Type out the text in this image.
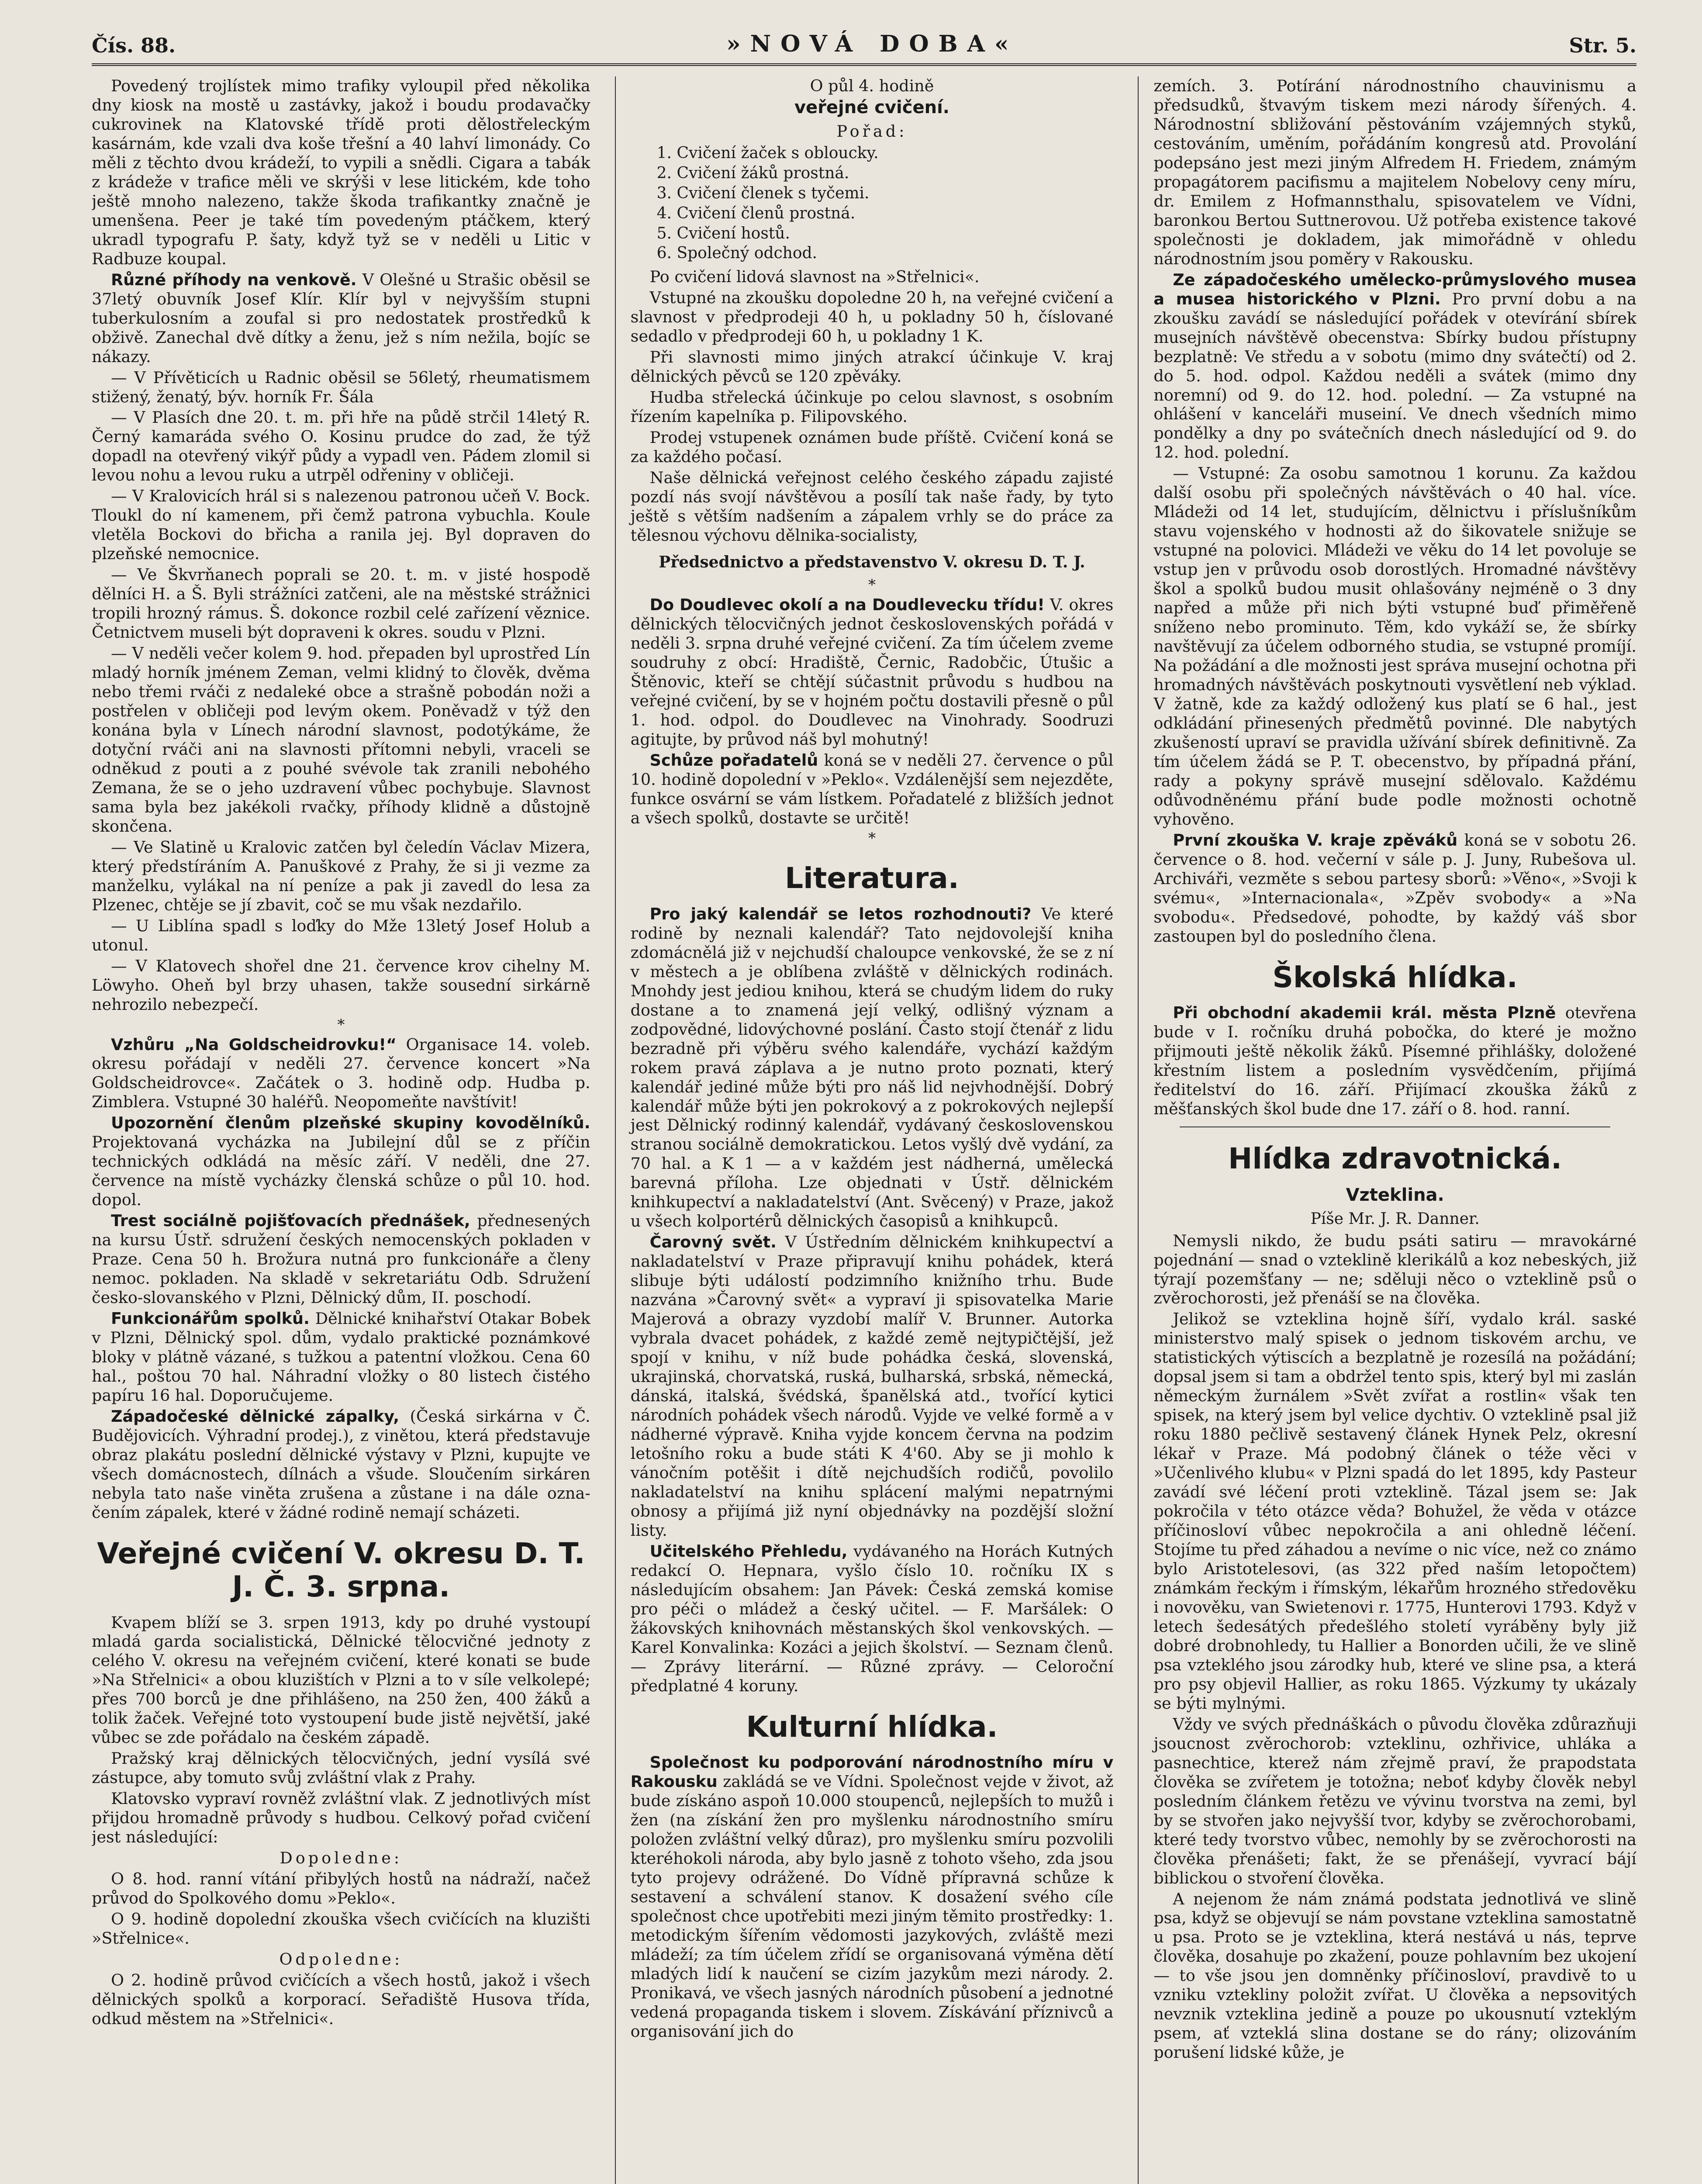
Čís. 88.	»NOVÁ DOBA«	Str. 5.

Povedený trojlístek mimo trafiky vyloupil před několika dny kiosk na mostě u zastávky, jakož i boudu prodavačky cukrovinek na Klatovské třídě proti dělostřeleckým kasárnám, kde vzali dva koše třešní a 40 lahví limonády. Co měli z těchto dvou krádeží, to vypili a snědli. Cigara a tabák z krádeže v trafice měli ve skrýši v lese litickém, kde toho ještě mnoho nalezeno, takže škoda trafikantky značně je umenšena. Peer je také tím povedeným ptáčkem, který ukradl typografu P. šaty, když tyž se v neděli u Litic v Radbuze koupal.

Různé příhody na venkově. V Olešné u Strašic oběsil se 37letý obuvník Josef Klír. Klír byl v nejvyšším stupni tuberkulosním a zoufal si pro nedostatek prostředků k obživě. Zanechal dvě dítky a ženu, jež s ním nežila, bojíc se nákazy.

— V Přívěticích u Radnic oběsil se 56letý, rheumatismem stižený, ženatý, býv. horník Fr. Šála

— V Plasích dne 20. t. m. při hře na půdě strčil 14letý R. Černý kamaráda svého O. Kosinu prudce do zad, že týž dopadl na otevřený vikýř půdy a vypadl ven. Pádem zlomil si levou nohu a levou ruku a utrpěl odřeniny v obličeji.

— V Kralovicích hrál si s nalezenou patronou učeň V. Bock. Tloukl do ní kamenem, při čemž patrona vybuchla. Koule vletěla Bockovi do břicha a ranila jej. Byl dopraven do plzeňské nemocnice.

— Ve Škvrňanech poprali se 20. t. m. v jisté hospodě dělníci H. a Š. Byli strážníci zatčeni, ale na městské strážnici tropili hrozný rámus. Š. dokonce rozbil celé zařízení věznice. Četnictvem museli být dopraveni k okres. soudu v Plzni.

— V neděli večer kolem 9. hod. přepaden byl uprostřed Lín mladý horník jménem Zeman, velmi klidný to člověk, dvěma nebo třemi rváči z nedaleké obce a strašně pobodán noži a postřelen v obličeji pod levým okem. Poněvadž v týž den konána byla v Línech národní slavnost, podotýkáme, že dotyční rváči ani na slavnosti přítomni nebyli, vraceli se odněkud z pouti a z pouhé svévole tak zranili nebohého Zemana, že se o jeho uzdravení vůbec pochybuje. Slavnost sama byla bez jakékoli rvačky, příhody klidně a důstojně skončena.

— Ve Slatině u Kralovic zatčen byl čeledín Václav Mizera, který předstíráním A. Panuškové z Prahy, že si ji vezme za manželku, vylákal na ní peníze a pak ji zavedl do lesa za Plzenec, chtěje se jí zbavit, coč se mu však nezdařilo.

— U Liblína spadl s loďky do Mže 13letý Josef Holub a utonul.

— V Klatovech shořel dne 21. července krov cihelny M. Löwyho. Oheň byl brzy uhasen, takže sousední sirkárně nehrozilo nebezpečí.

*

Vzhůru „Na Goldscheidrovku!“ Organisace 14. voleb. okresu pořádají v neděli 27. července koncert »Na Goldscheidrovce«. Začátek o 3. hodině odp. Hudba p. Zimblera. Vstupné 30 haléřů. Neopomeňte navštívit!

Upozornění členům plzeňské skupiny kovodělníků. Projektovaná vycházka na Jubilejní důl se z příčin technických odkládá na měsíc září. V neděli, dne 27. července na místě vycházky členská schůze o půl 10. hod. dopol.

Trest sociálně pojišťovacích přednášek, přednesených na kursu Ústř. sdružení českých nemocenských pokladen v Praze. Cena 50 h. Brožura nutná pro funkcionáře a členy nemoc. pokladen. Na skladě v sekretariátu Odb. Sdružení česko-slovanského v Plzni, Dělnický dům, II. poschodí.

Funkcionářům spolků. Dělnické knihařství Otakar Bobek v Plzni, Dělnický spol. dům, vydalo praktické poznámkové bloky v plátně vázané, s tužkou a patentní vložkou. Cena 60 hal., poštou 70 hal. Náhradní vložky o 80 listech čistého papíru 16 hal. Doporučujeme.

Západočeské dělnické zápalky, (Česká sirkárna v Č. Budějovicích. Výhradní prodej.), z vinětou, která představuje obraz plakátu poslední dělnické výstavy v Plzni, kupujte ve všech domácnostech, dílnách a všude. Sloučením sirkáren nebyla tato naše viněta zrušena a zůstane i na dále ozna- čením zápalek, které v žádné rodině nemají scházeti.

Veřejné cvičení V. okresu D. T. J. Č. 3. srpna.

Kvapem blíží se 3. srpen 1913, kdy po druhé vystoupí mladá garda socialistická, Dělnické tělocvičné jednoty z celého V. okresu na veřejném cvičení, které konati se bude »Na Střelnici« a obou kluzištích v Plzni a to v síle velkolepé; přes 700 borců je dne přihlášeno, na 250 žen, 400 žáků a tolik žaček. Veřejné toto vystoupení bude jistě největší, jaké vůbec se zde pořádalo na českém západě.

Pražský kraj dělnických tělocvičných, jední vysílá své zástupce, aby tomuto svůj zvláštní vlak z Prahy.

Klatovsko vypraví rovněž zvláštní vlak. Z jednotlivých míst přijdou hromadně průvody s hudbou. Celkový pořad cvičení jest následující:

Dopoledne:

O 8. hod. ranní vítání přibylých hostů na nádraží, načež průvod do Spolkového domu »Peklo«.

O 9. hodině dopolední zkouška všech cvičících na kluzišti »Střelnice«.

Odpoledne:

O 2. hodině průvod cvičících a všech hostů, jakož i všech dělnických spolků a korporací. Seřadiště Husova třída, odkud městem na »Střelnici«.

O půl 4. hodině

veřejné cvičení.

Pořad:

1. Cvičení žaček s obloucky.
2. Cvičení žáků prostná.
3. Cvičení členek s tyčemi.
4. Cvičení členů prostná.
5. Cvičení hostů.
6. Společný odchod.

Po cvičení lidová slavnost na »Střelnici«.

Vstupné na zkoušku dopoledne 20 h, na veřejné cvičení a slavnost v předprodeji 40 h, u pokladny 50 h, číslované sedadlo v předprodeji 60 h, u pokladny 1 K.

Při slavnosti mimo jiných atrakcí účinkuje V. kraj dělnických pěvců se 120 zpěváky.

Hudba střelecká účinkuje po celou slavnost, s osobním řízením kapelníka p. Filipovského.

Prodej vstupenek oznámen bude příště. Cvičení koná se za každého počasí.

Naše dělnická veřejnost celého českého západu zajisté pozdí nás svojí návštěvou a posílí tak naše řady, by tyto ještě s větším nadšením a zápalem vrhly se do práce za tělesnou výchovu dělnika-socialisty,

Předsednictvo a představenstvo V. okresu D. T. J.

*

Do Doudlevec okolí a na Doudlevecku třídu! V. okres dělnických tělocvičných jednot československých pořádá v neděli 3. srpna druhé veřejné cvičení. Za tím účelem zveme soudruhy z obcí: Hradiště, Černic, Radobčic, Útušic a Štěnovic, kteří se chtějí súčastnit průvodu s hudbou na veřejné cvičení, by se v hojném počtu dostavili přesně o půl 1. hod. odpol. do Doudlevec na Vinohrady. Soodruzi agitujte, by průvod náš byl mohutný!

Schůze pořadatelů koná se v neděli 27. července o půl 10. hodině dopolední v »Peklo«. Vzdálenější sem nejezděte, funkce osvární se vám lístkem. Pořadatelé z bližších jednot a všech spolků, dostavte se určitě!

*
Literatura.

Pro jaký kalendář se letos rozhodnouti? Ve které rodině by neznali kalendář? Tato nejdovolejší kniha zdomácnělá již v nejchudší chaloupce venkovské, že se z ní v městech a je oblíbena zvláště v dělnických rodinách. Mnohdy jest jediou knihou, která se chudým lidem do ruky dostane a to znamená její velký, odlišný význam a zodpovědné, lidovýchovné poslání. Často stojí čtenář z lidu bezradně při výběru svého kalendáře, vychází každým rokem pravá záplava a je nutno proto poznati, který kalendář jediné může býti pro náš lid nejvhodnější. Dobrý kalendář může býti jen pokrokový a z pokrokových nejlepší jest Dělnický rodinný kalendář, vydávaný československou stranou sociálně demokratickou. Letos vyšlý dvě vydání, za 70 hal. a K 1 — a v každém jest nádherná, umělecká barevná příloha. Lze objednati v Ústř. dělnickém knihkupectví a nakladatelství (Ant. Svěcený) v Praze, jakož u všech kolportérů dělnických časopisů a knihkupců.

Čarovný svět. V Ústředním dělnickém knihkupectví a nakladatelství v Praze připravují knihu pohádek, která slibuje býti událostí podzimního knižního trhu. Bude nazvána »Čarovný svět« a vypraví ji spisovatelka Marie Majerová a obrazy vyzdobí malíř V. Brunner. Autorka vybrala dvacet pohádek, z každé země nejtypičtější, jež spojí v knihu, v níž bude pohádka česká, slovenská, ukrajinská, chorvatská, ruská, bulharská, srbská, německá, dánská, italská, švédská, španělská atd., tvořící kytici národních pohádek všech národů. Vyjde ve velké formě a v nádherné výpravě. Kniha vyjde koncem června na podzim letošního roku a bude státi K 4'60. Aby se ji mohlo k vánočním potěšit i dítě nejchudších rodičů, povolilo nakladatelství na knihu splácení malými nepatrnými obnosy a přijímá již nyní objednávky na pozdější složní listy.

Učitelského Přehledu, vydávaného na Horách Kutných redakcí O. Hepnara, vyšlo číslo 10. ročníku IX s následujícím obsahem: Jan Pávek: Česká zemská komise pro péči o mládež a český učitel. — F. Maršálek: O žákovských knihovnách městanských škol venkovských. — Karel Konvalinka: Kozáci a jejich školství. — Seznam členů. — Zprávy literární. — Různé zprávy. — Celoroční předplatné 4 koruny.

Kulturní hlídka.

Společnost ku podporování národnostního míru v Rakousku zakládá se ve Vídni. Společnost vejde v život, až bude získáno aspoň 10.000 stoupenců, nejlepších to mužů i žen (na získání žen pro myšlenku národnostního smíru položen zvláštní velký důraz), pro myšlenku smíru pozvolili kteréhokoli národa, aby bylo jasně z tohoto všeho, zda jsou tyto projevy odrážené. Do Vídně přípravná schůze k sestavení a schválení stanov. K dosažení svého cíle společnost chce upotřebiti mezi jiným těmito prostředky: 1. metodickým šířením vědomosti jazykových, zvláště mezi mládeží; za tím účelem zřídí se organisovaná výměna dětí mladých lidí k naučení se cizím jazykům mezi národy. 2. Pronikavá, ve všech jasných národních působení a jednotné vedená propaganda tiskem i slovem. Získávání příznivců a organisování jich do

zemích. 3. Potírání národnostního chauvinismu a předsudků, štvavým tiskem mezi národy šířených. 4. Národnostní sbližování pěstováním vzájemných styků, cestováním, uměním, pořádáním kongresů atd. Provolání podepsáno jest mezi jiným Alfredem H. Friedem, známým propagátorem pacifismu a majitelem Nobelovy ceny míru, dr. Emilem z Hofmannsthalu, spisovatelem ve Vídni, baronkou Bertou Suttnerovou. Už potřeba existence takové společnosti je dokladem, jak mimořádně v ohledu národnostním jsou poměry v Rakousku.

Ze západočeského umělecko-průmyslového musea a musea historického v Plzni. Pro první dobu a na zkoušku zavádí se následující pořádek v otevírání sbírek musejních návštěvě obecenstva: Sbírky budou přístupny bezplatně: Ve středu a v sobotu (mimo dny svátečtí) od 2. do 5. hod. odpol. Každou neděli a svátek (mimo dny noremní) od 9. do 12. hod. polední. — Za vstupné na ohlášení v kanceláři museiní. Ve dnech všedních mimo pondělky a dny po svátečních dnech následující od 9. do 12. hod. polední.

— Vstupné: Za osobu samotnou 1 korunu. Za každou další osobu při společných návštěvách o 40 hal. více. Mládeži od 14 let, studujícím, dělnictvu i příslušníkům stavu vojenského v hodnosti až do šikovatele snižuje se vstupné na polovici. Mládeži ve věku do 14 let povoluje se vstup jen v průvodu osob dorostlých. Hromadné návštěvy škol a spolků budou musit ohlašovány nejméně o 3 dny napřed a může při nich býti vstupné buď přiměřeně sníženo nebo prominuto. Těm, kdo vykáží se, že sbírky navštěvují za účelem odborného studia, se vstupné promíjí. Na požádání a dle možnosti jest správa musejní ochotna při hromadných návštěvách poskytnouti vysvětlení neb výklad. V žatně, kde za každý odložený kus platí se 6 hal., jest odkládání přinesených předmětů povinné. Dle nabytých zkušeností upraví se pravidla užívání sbírek definitivně. Za tím účelem žádá se P. T. obecenstvo, by případná přání, rady a pokyny správě musejní sdělovalo. Každému odůvodněnému přání bude podle možnosti ochotně vyhověno.

První zkouška V. kraje zpěváků koná se v sobotu 26. července o 8. hod. večerní v sále p. J. Juny, Rubešova ul. Archiváři, vezměte s sebou partesy sborů: »Věno«, »Svoji k svému«, »Internacionala«, »Zpěv svobody« a »Na svobodu«. Předsedové, pohodte, by každý váš sbor zastoupen byl do posledního člena.

Školská hlídka.

Při obchodní akademii král. města Plzně otevřena bude v I. ročníku druhá pobočka, do které je možno přijmouti ještě několik žáků. Písemné přihlášky, doložené křestním listem a posledním vysvědčením, přijímá ředitelství do 16. září. Přijímací zkouška žáků z měšťanských škol bude dne 17. září o 8. hod. ranní.

Hlídka zdravotnická.
Vzteklina.

Píše Mr. J. R. Danner.

Nemysli nikdo, že budu psáti satiru — mravokárné pojednání — snad o vzteklině klerikálů a koz nebeských, již týrají pozemšťany — ne; sděluji něco o vzteklině psů o zvěrochorosti, jež přenáší se na člověka.

Jelikož se vzteklina hojně šíří, vydalo král. saské ministerstvo malý spisek o jednom tiskovém archu, ve statistických výtiscích a bezplatně je rozesílá na požádání; dopsal jsem si tam a obdržel tento spis, který byl mi zaslán německým žurnálem »Svět zvířat a rostlin« však ten spisek, na který jsem byl velice dychtiv. O vzteklině psal již roku 1880 pečlivě sestavený článek Hynek Pelz, okresní lékař v Praze. Má podobný článek o téže věci v »Učenlivého klubu« v Plzni spadá do let 1895, kdy Pasteur zavádí své léčení proti vzteklině. Tázal jsem se: Jak pokročila v této otázce věda? Bohužel, že věda v otázce příčinosloví vůbec nepokročila a ani ohledně léčení. Stojíme tu před záhadou a nevíme o nic více, než co známo bylo Aristotelesovi, (as 322 před naším letopočtem) známkám řeckým i římským, lékařům hrozného středověku i novověku, van Swietenovi r. 1775, Hunterovi 1793. Když v letech šedesátých předešlého století vyráběny byly již dobré drobnohledy, tu Hallier a Bonorden učili, že ve slině psa vzteklého jsou zárodky hub, které ve sline psa, a která pro psy objevil Hallier, as roku 1865. Výzkumy ty ukázaly se býti mylnými.

Vždy ve svých přednáškách o původu člověka zdůrazňuji jsoucnost zvěrochorob: vzteklinu, ozhřivice, uhláka a pasnechtice, kterež nám zřejmě praví, že prapodstata člověka se zvířetem je totožna; neboť kdyby člověk nebyl posledním článkem řetězu ve vývinu tvorstva na zemi, byl by se stvořen jako nejvyšší tvor, kdyby se zvěrochorobami, které tedy tvorstvo vůbec, nemohly by se zvěrochorosti na člověka přenášeti; fakt, že se přenášejí, vyvrací bájí biblickou o stvoření člověka.

A nejenom že nám známá podstata jednotlivá ve slině psa, když se objevují se nám povstane vzteklina samostatně u psa. Proto se je vzteklina, která nestává u nás, teprve člověka, dosahuje po zkažení, pouze pohlavním bez ukojení — to vše jsou jen domněnky příčinosloví, pravdivě to u vzniku vztekliny položit zvířat. U člověka a nepsovitých nevznik vzteklina jedině a pouze po ukousnutí vzteklým psem, ať vzteklá slina dostane se do rány; olizováním porušení lidské kůže, je
